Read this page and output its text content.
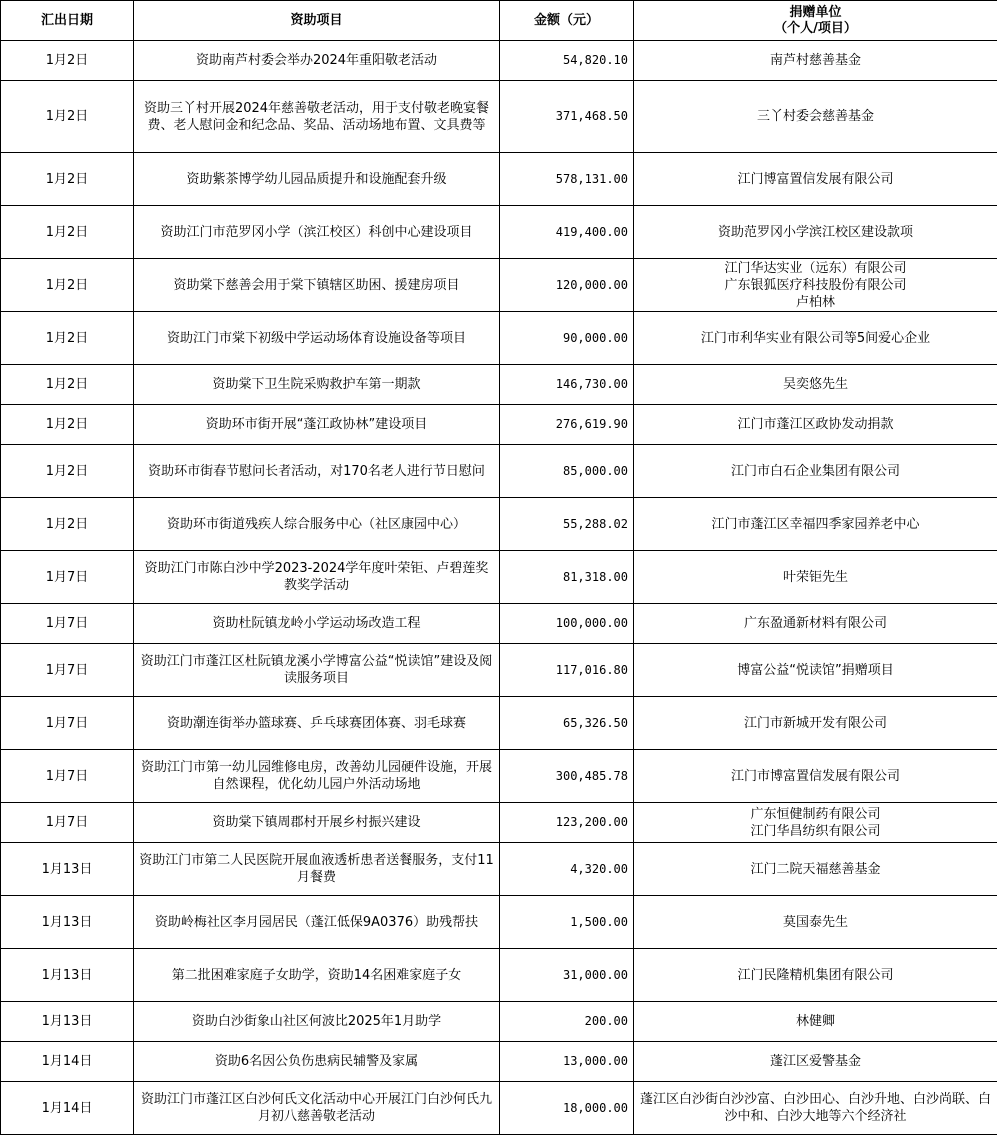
汇出日期	资助项目	金额（元）	捐赠单位
（个人/项目）
1月2日	资助南芦村委会举办2024年重阳敬老活动	54,820.10	南芦村慈善基金
1月2日	资助三丫村开展2024年慈善敬老活动，用于支付敬老晚宴餐费、老人慰问金和纪念品、奖品、活动场地布置、文具费等	371,468.50	三丫村委会慈善基金
1月2日	资助紫茶博学幼儿园品质提升和设施配套升级	578,131.00	江门博富置信发展有限公司
1月2日	资助江门市范罗冈小学（滨江校区）科创中心建设项目	419,400.00	资助范罗冈小学滨江校区建设款项
1月2日	资助棠下慈善会用于棠下镇辖区助困、援建房项目	120,000.00	江门华达实业（远东）有限公司
广东银狐医疗科技股份有限公司
卢柏林
1月2日	资助江门市棠下初级中学运动场体育设施设备等项目	90,000.00	江门市利华实业有限公司等5间爱心企业
1月2日	资助棠下卫生院采购救护车第一期款	146,730.00	吴奕悠先生
1月2日	资助环市街开展“蓬江政协林”建设项目	276,619.90	江门市蓬江区政协发动捐款
1月2日	资助环市街春节慰问长者活动，对170名老人进行节日慰问	85,000.00	江门市白石企业集团有限公司
1月2日	资助环市街道残疾人综合服务中心（社区康园中心）	55,288.02	江门市蓬江区幸福四季家园养老中心
1月7日	资助江门市陈白沙中学2023-2024学年度叶荣钜、卢碧莲奖教奖学活动	81,318.00	叶荣钜先生
1月7日	资助杜阮镇龙岭小学运动场改造工程	100,000.00	广东盈通新材料有限公司
1月7日	资助江门市蓬江区杜阮镇龙溪小学博富公益“悦读馆”建设及阅读服务项目	117,016.80	博富公益“悦读馆”捐赠项目
1月7日	资助潮连街举办篮球赛、乒乓球赛团体赛、羽毛球赛	65,326.50	江门市新城开发有限公司
1月7日	资助江门市第一幼儿园维修电房，改善幼儿园硬件设施，开展自然课程，优化幼儿园户外活动场地	300,485.78	江门市博富置信发展有限公司
1月7日	资助棠下镇周郡村开展乡村振兴建设	123,200.00	广东恒健制药有限公司
江门华昌纺织有限公司
1月13日	资助江门市第二人民医院开展血液透析患者送餐服务，支付11月餐费	4,320.00	江门二院天福慈善基金
1月13日	资助岭梅社区李月园居民（蓬江低保9A0376）助残帮扶	1,500.00	莫国泰先生
1月13日	第二批困难家庭子女助学，资助14名困难家庭子女	31,000.00	江门民隆精机集团有限公司
1月13日	资助白沙街象山社区何波比2025年1月助学	200.00	林健卿
1月14日	资助6名因公负伤患病民辅警及家属	13,000.00	蓬江区爱警基金
1月14日	资助江门市蓬江区白沙何氏文化活动中心开展江门白沙何氏九月初八慈善敬老活动	18,000.00	蓬江区白沙街白沙沙富、白沙田心、白沙升地、白沙尚联、白沙中和、白沙大地等六个经济社
